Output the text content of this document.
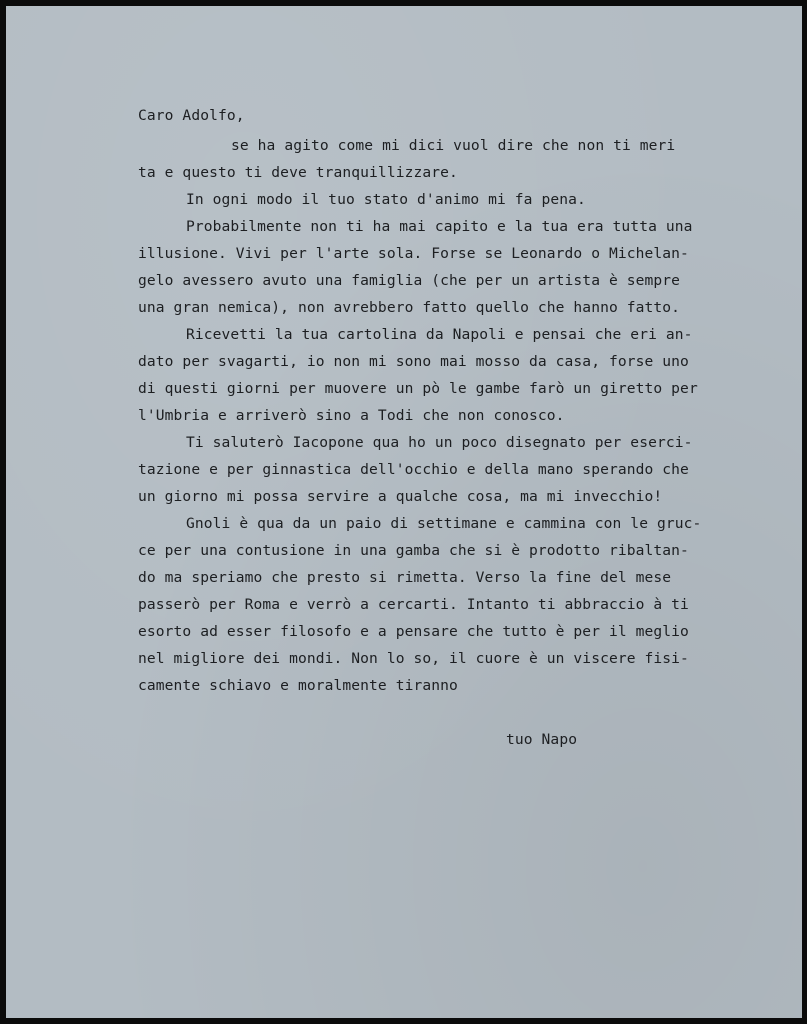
Caro Adolfo,
se ha agito come mi dici vuol dire che non ti meri
ta e questo ti deve tranquillizzare.
In ogni modo il tuo stato d'animo mi fa pena.
Probabilmente non ti ha mai capito e la tua era tutta una
illusione. Vivi per l'arte sola. Forse se Leonardo o Michelan-
gelo avessero avuto una famiglia (che per un artista è sempre
una gran nemica), non avrebbero fatto quello che hanno fatto.
Ricevetti la tua cartolina da Napoli e pensai che eri an-
dato per svagarti, io non mi sono mai mosso da casa, forse uno
di questi giorni per muovere un pò le gambe farò un giretto per
l'Umbria e arriverò sino a Todi che non conosco.
Ti saluterò Iacopone qua ho un poco disegnato per eserci-
tazione e per ginnastica dell'occhio e della mano sperando che
un giorno mi possa servire a qualche cosa, ma mi invecchio!
Gnoli è qua da un paio di settimane e cammina con le gruc-
ce per una contusione in una gamba che si è prodotto ribaltan-
do ma speriamo che presto si rimetta. Verso la fine del mese
passerò per Roma e verrò a cercarti. Intanto ti abbraccio à ti
esorto ad esser filosofo e a pensare che tutto è per il meglio
nel migliore dei mondi. Non lo so, il cuore è un viscere fisi-
camente schiavo e moralmente tiranno
tuo Napo
